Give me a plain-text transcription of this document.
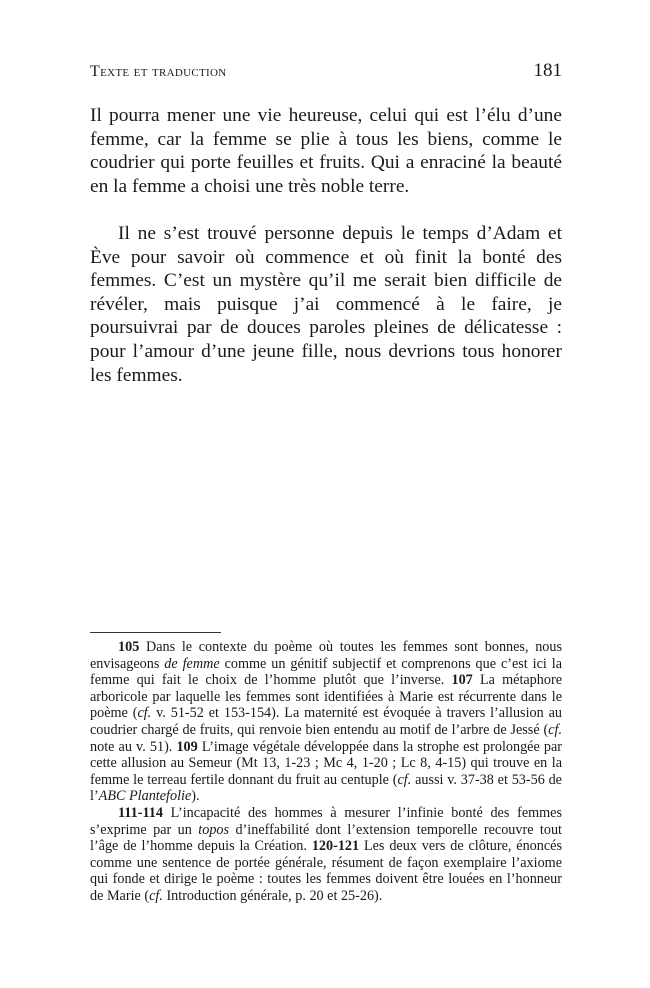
Texte et traduction	181

Il pourra mener une vie heureuse, celui qui est l’élu d’une femme, car la femme se plie à tous les biens, comme le coudrier qui porte feuilles et fruits. Qui a enraciné la beauté en la femme a choisi une très noble terre.

Il ne s’est trouvé personne depuis le temps d’Adam et Ève pour savoir où commence et où finit la bonté des femmes. C’est un mystère qu’il me serait bien difficile de révéler, mais puisque j’ai commencé à le faire, je poursuivrai par de douces paroles pleines de délicatesse : pour l’amour d’une jeune fille, nous devrions tous honorer les femmes.

105 Dans le contexte du poème où toutes les femmes sont bonnes, nous envisageons de femme comme un génitif subjectif et comprenons que c’est ici la femme qui fait le choix de l’homme plutôt que l’inverse. 107 La métaphore arboricole par laquelle les femmes sont identifiées à Marie est récurrente dans le poème (cf. v. 51-52 et 153-154). La maternité est évoquée à travers l’allusion au coudrier chargé de fruits, qui renvoie bien entendu au motif de l’arbre de Jessé (cf. note au v. 51). 109 L’image végétale développée dans la strophe est prolongée par cette allusion au Semeur (Mt 13, 1-23 ; Mc 4, 1-20 ; Lc 8, 4-15) qui trouve en la femme le terreau fertile donnant du fruit au centuple (cf. aussi v. 37-38 et 53-56 de l’ABC Plantefolie).

111-114 L’incapacité des hommes à mesurer l’infinie bonté des femmes s’exprime par un topos d’ineffabilité dont l’extension temporelle recouvre tout l’âge de l’homme depuis la Création. 120-121 Les deux vers de clôture, énoncés comme une sentence de portée générale, résument de façon exemplaire l’axiome qui fonde et dirige le poème : toutes les femmes doivent être louées en l’honneur de Marie (cf. Introduction générale, p. 20 et 25-26).
